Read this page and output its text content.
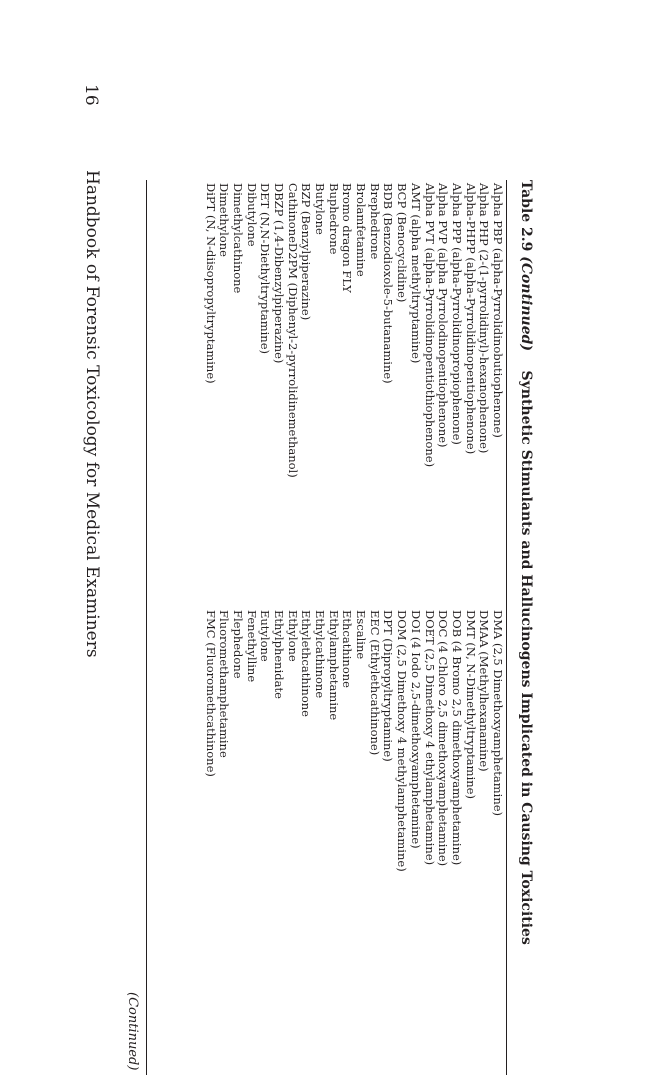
16
Handbook of Forensic Toxicology for Medical Examiners	Table 2.9 (Continued)    Synthetic Stimulants and Hallucinogens Implicated in Causing Toxicities
Alpha PBP (alpha-Pyrrolidinobutiophenone)
Alpha PHP (2-(1-pyrrolidinyl)-hexanophenone)
Alpha-PHPP (alpha-Pyrrolidinopentiophenone)
Alpha PPP (alpha-Pyrrolidinopropiophenone)
Alpha PVP (alpha Pyrrolodinopentiophenone)
Alpha PVT (alpha-Pyrrolidinopentiothiophenone)
AMT (alpha methyltryptamine)
BCP (Benocyclidine)
BDB (Benzodioxole-5-butanamine)
Brephedrone
Brolamfetamine
Bromo dragon FLY
Buphedrone
Butylone
BZP (Benzylpiperazine)
CathinoneD2PM (Diphenyl-2-pyrrolidinemethanol)
DBZP (1,4-Dibenzylpiperazine)
DET (N,N-Diethyltryptamine)
Dibutylone
Dimethylcathinone
Dimethylone
DiPT (N, N-diisopropyltryptamine)
DMA (2,5 Dimethoxyamphetamine)
DMAA (Methylhexanamine)
DMT (N, N-Dimethyltryptamine)
DOB (4 Bromo 2,5 dimethoxyamphetamine)
DOC (4 Chloro 2,5 dimethoxyamphetamine)
DOET (2,5 Dimethoxy 4 ethylamphetamine)
DOI (4 Iodo 2,5-dimethoxyamphetamine)
DOM (2,5 Dimethoxy 4 methylamphetamine)
DPT (Dipropyltryptamine)
EEC (Ethylethcathinone)
Escaline
Ethcathinone
Ethylamphetamine
Ethylcathinone
Ethylethcathinone
Ethylone
Ethylphenidate
Eutylone
Fenethylline
Flephedone
Fluoromethamphetamine
FMC (Fluoromethcathinone)
(Continued)
